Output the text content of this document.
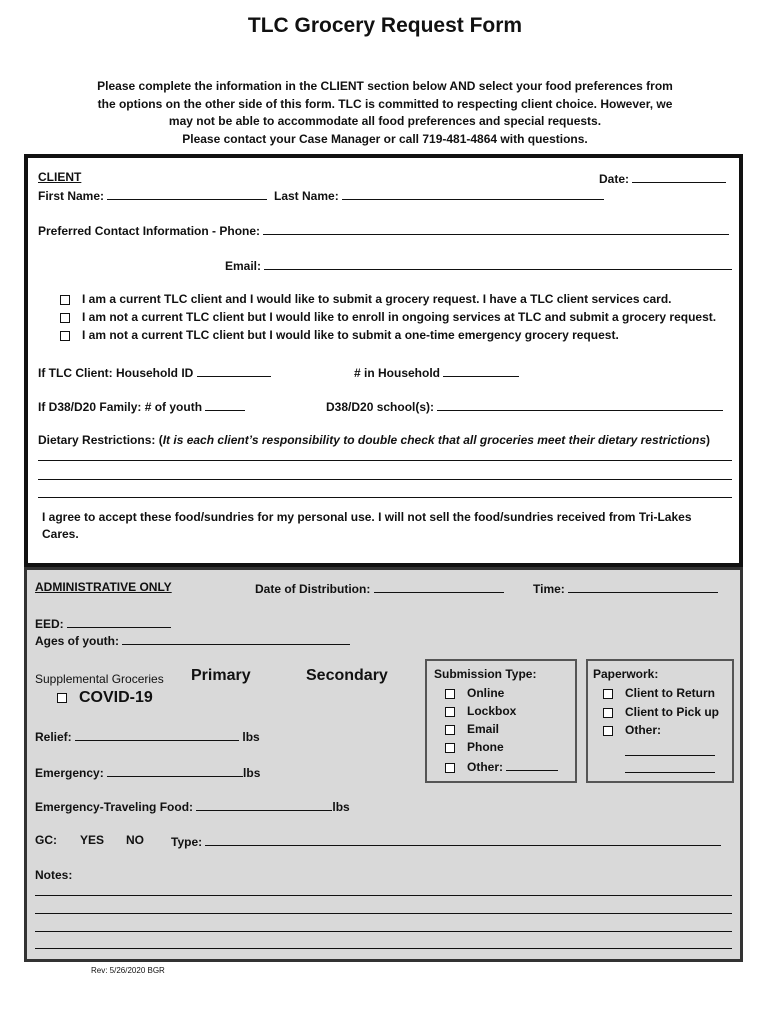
TLC Grocery Request Form
Please complete the information in the CLIENT section below AND select your food preferences from
the options on the other side of this form. TLC is committed to respecting client choice. However, we
may not be able to accommodate all food preferences and special requests.
Please contact your Case Manager or call 719-481-4864 with questions.
CLIENT	Date:
First Name:	Last Name:
Preferred Contact Information - Phone:
Email:
I am a current TLC client and I would like to submit a grocery request. I have a TLC client services card.
I am not a current TLC client but I would like to enroll in ongoing services at TLC and submit a grocery request.
I am not a current TLC client but I would like to submit a one-time emergency grocery request.
If TLC Client: Household ID	# in Household
If D38/D20 Family: # of youth	D38/D20 school(s):
Dietary Restrictions: (It is each client’s responsibility to double check that all groceries meet their dietary restrictions)
I agree to accept these food/sundries for my personal use. I will not sell the food/sundries received from Tri-Lakes
Cares.
ADMINISTRATIVE ONLY	Date of Distribution:	Time:
EED:
Ages of youth:
Supplemental Groceries Primary	Secondary
COVID-19
Relief:	lbs
Emergency:	lbs
Emergency-Traveling Food:	lbs
GC: YES NO Type:
Notes:
Submission Type:
Online
Lockbox
Email
Phone
Other:
Paperwork:
Client to Return
Client to Pick up
Other:
Rev: 5/26/2020 BGR
